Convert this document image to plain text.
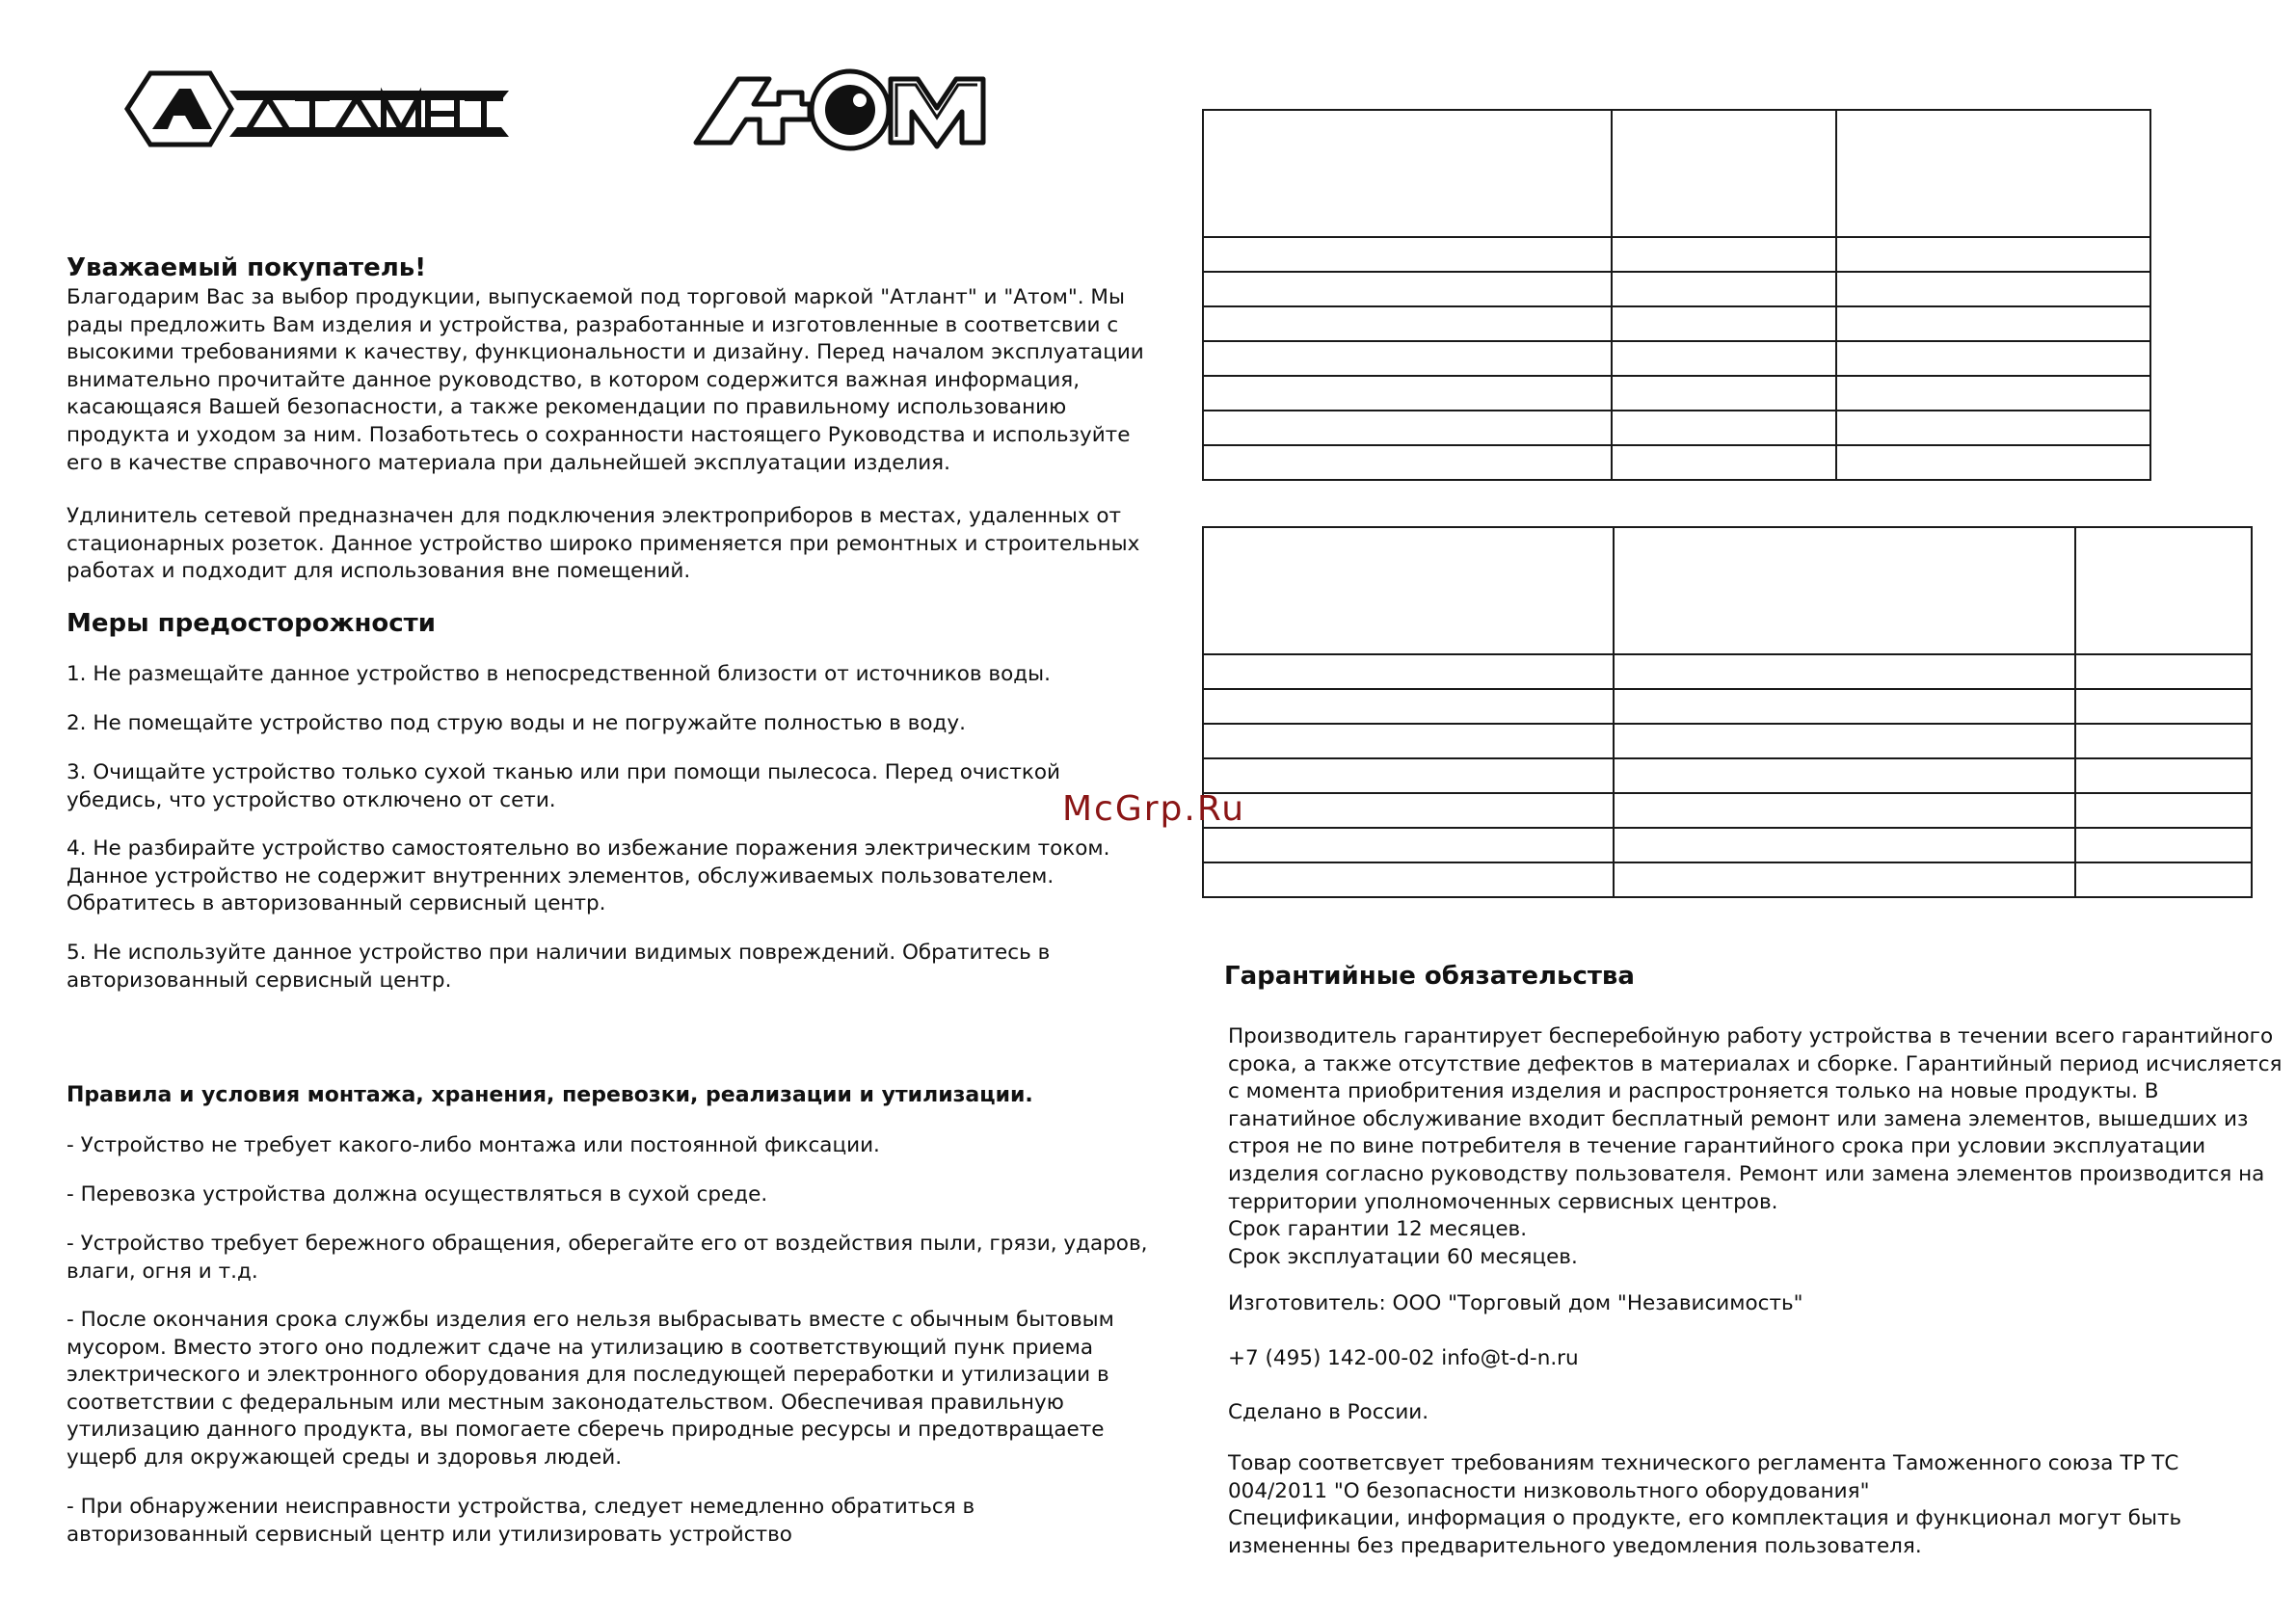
Уважаемый покупатель!

Благодарим Вас за выбор продукции, выпускаемой под торговой маркой "Атлант" и "Атом". Мы
рады предложить Вам изделия и устройства, разработанные и изготовленные в соответсвии с
высокими требованиями к качеству, функциональности и дизайну. Перед началом эксплуатации
внимательно прочитайте данное руководство, в котором содержится важная информация,
касающаяся Вашей безопасности, а также рекомендации по правильному использованию
продукта и уходом за ним. Позаботьтесь о сохранности настоящего Руководства и используйте
его в качестве справочного материала при дальнейшей эксплуатации изделия.

Удлинитель сетевой предназначен для подключения электроприборов в местах, удаленных от
стационарных розеток. Данное устройство широко применяется при ремонтных и строительных
работах и подходит для использования вне помещений.

Меры предосторожности

1. Не размещайте данное устройство в непосредственной близости от источников воды.

2. Не помещайте устройство под струю воды и не погружайте полностью в воду.

3. Очищайте устройство только сухой тканью или при помощи пылесоса. Перед очисткой
убедись, что устройство отключено от сети.

4. Не разбирайте устройство самостоятельно во избежание поражения электрическим током.
Данное устройство не содержит внутренних элементов, обслуживаемых пользователем.
Обратитесь в авторизованный сервисный центр.

5. Не используйте данное устройство при наличии видимых повреждений. Обратитесь в
авторизованный сервисный центр.

Правила и условия монтажа, хранения, перевозки, реализации и утилизации.

- Устройство не требует какого-либо монтажа или постоянной фиксации.

- Перевозка устройства должна осуществляться в сухой среде.

- Устройство требует бережного обращения, оберегайте его от воздействия пыли, грязи, ударов,
влаги, огня и т.д.

- После окончания срока службы изделия его нельзя выбрасывать вместе с обычным бытовым
мусором. Вместо этого оно подлежит сдаче на утилизацию в соответствующий пунк приема
электрического и электронного оборудования для последующей переработки и утилизации в
соответствии с федеральным или местным законодательством. Обеспечивая правильную
утилизацию данного продукта, вы помогаете сберечь природные ресурсы и предотвращаете
ущерб для окружающей среды и здоровья людей.

- При обнаружении неисправности устройства, следует немедленно обратиться в
авторизованный сервисный центр или утилизировать устройство

McGrp.Ru
Гарантийные обязательства

Производитель гарантирует бесперебойную работу устройства в течении всего гарантийного
срока, а также отсутствие дефектов в материалах и сборке. Гарантийный период исчисляется
с момента приобритения изделия и распростроняется только на новые продукты. В
ганатийное обслуживание входит бесплатный ремонт или замена элементов, вышедших из
строя не по вине потребителя в течение гарантийного срока при условии эксплуатации
изделия согласно руководству пользователя. Ремонт или замена элементов производится на
территории уполномоченных сервисных центров.
Срок гарантии 12 месяцев.
Срок эксплуатации 60 месяцев.

Изготовитель: ООО "Торговый дом "Независимость"

+7 (495) 142-00-02 info@t-d-n.ru

Сделано в России.

Товар соответсвует требованиям технического регламента Таможенного союза ТР ТС
004/2011 "О безопасности низковольтного оборудования"
Спецификации, информация о продукте, его комплектация и функционал могут быть
измененны без предварительного уведомления пользователя.
